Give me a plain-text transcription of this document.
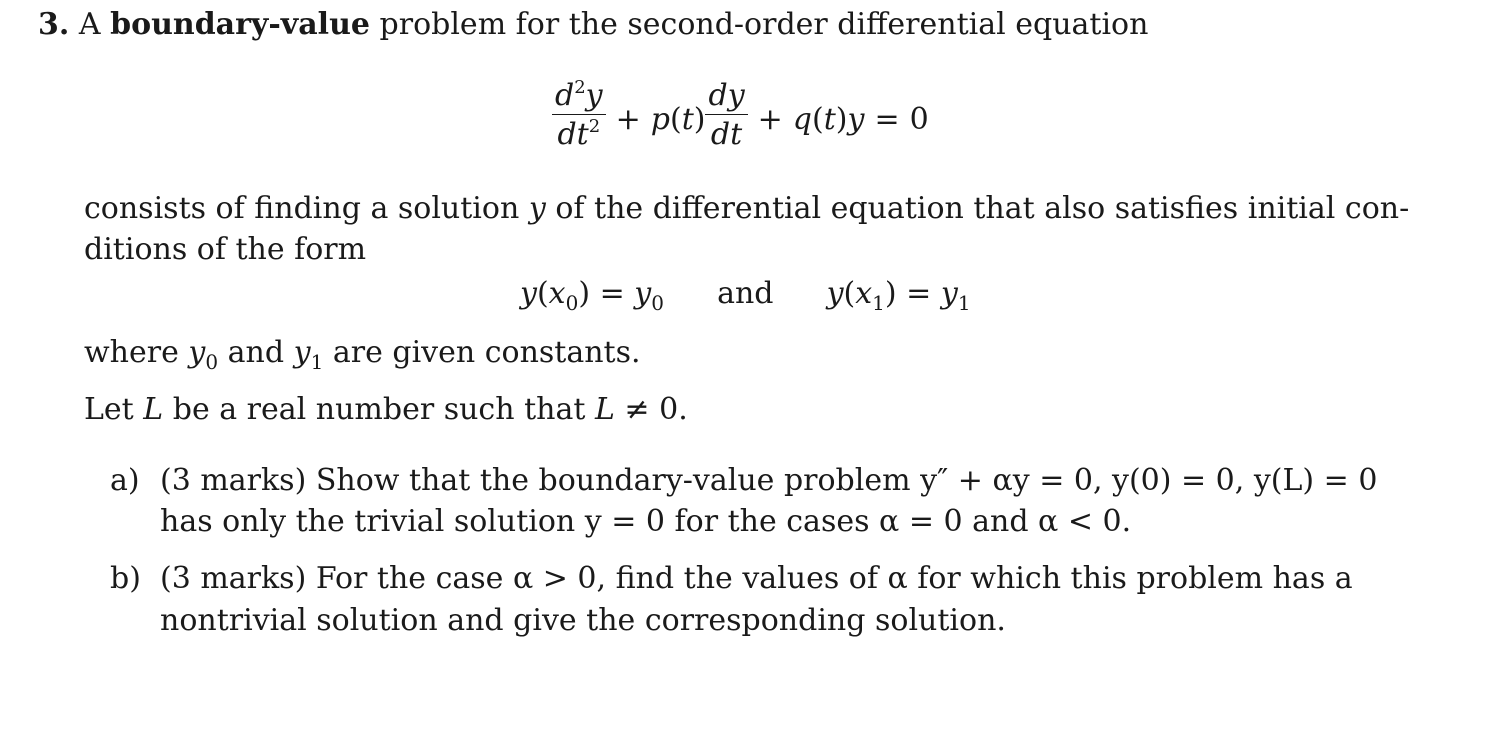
3. A boundary-value problem for the second-order differential equation
$\frac{d^2y}{dt^2} + p$ ( t ) $\frac{dy}{dt} + q$ ( t ) y = 0
consists of finding a solution y of the differential equation that also satisfies initial con-
ditions of the form
$y(x_0) = y_0$ and $y(x_1) = y_1$
where $y_0$ and $y_1$ are given constants.
Let L be a real number such that L ≠ 0.
a) (3 marks) Show that the boundary-value problem y″ + αy = 0, y(0) = 0, y(L) = 0
has only the trivial solution y = 0 for the cases α = 0 and α < 0.
b) (3 marks) For the case α > 0, find the values of α for which this problem has a
nontrivial solution and give the corresponding solution.
